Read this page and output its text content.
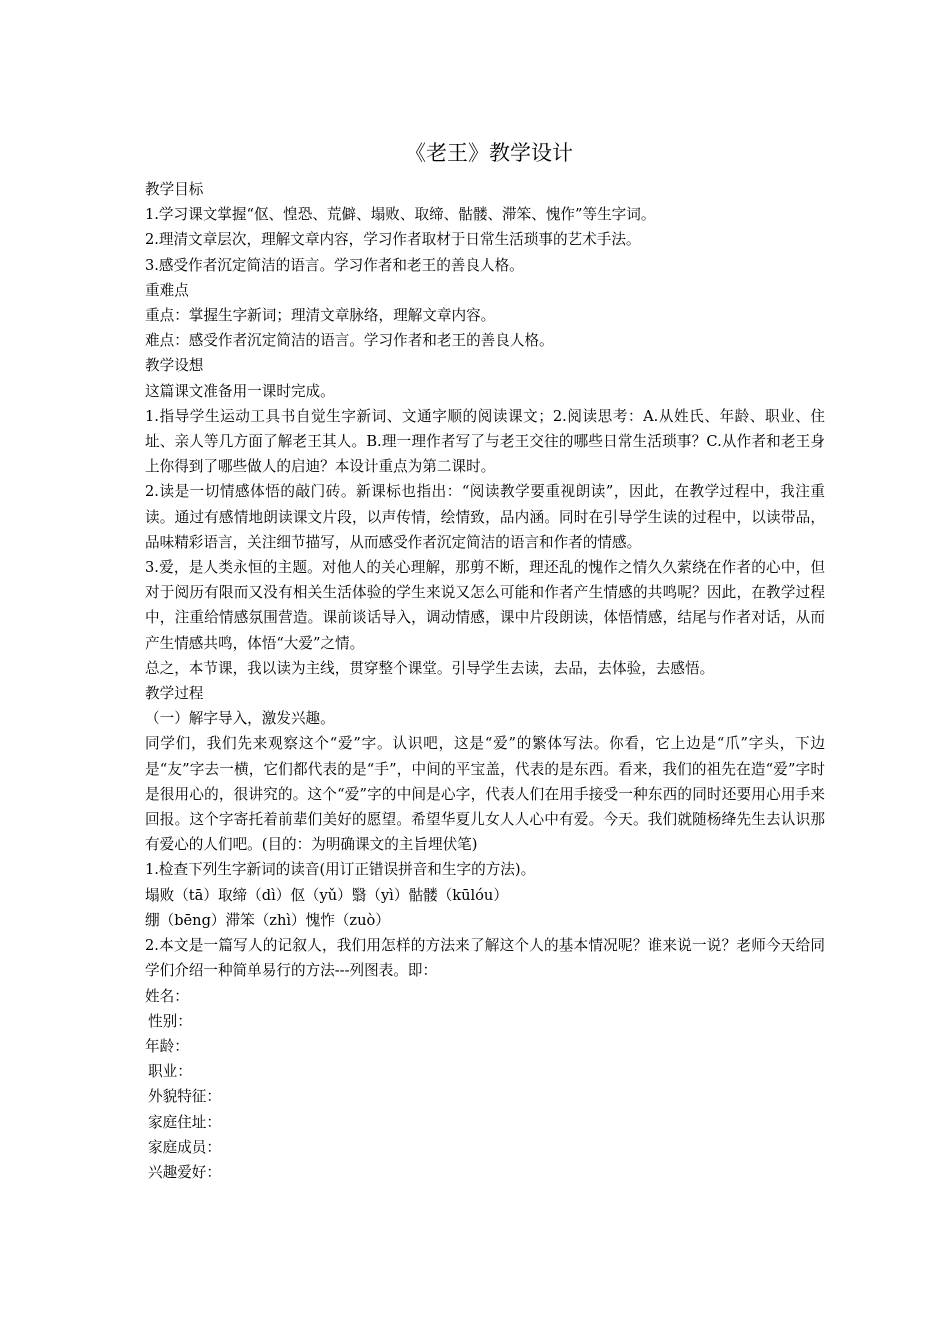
《老王》教学设计
教学目标
1.学习课文掌握“伛、惶恐、荒僻、塌败、取缔、骷髅、滞笨、愧作”等生字词。
2.理清文章层次，理解文章内容，学习作者取材于日常生活琐事的艺术手法。
3.感受作者沉定简洁的语言。学习作者和老王的善良人格。
重难点
重点：掌握生字新词；理清文章脉络，理解文章内容。
难点：感受作者沉定简洁的语言。学习作者和老王的善良人格。
教学设想
这篇课文准备用一课时完成。
1.指导学生运动工具书自觉生字新词、文通字顺的阅读课文；2.阅读思考：A.从姓氏、年龄、职业、住址、亲人等几方面了解老王其人。B.理一理作者写了与老王交往的哪些日常生活琐事？C.从作者和老王身上你得到了哪些做人的启迪？本设计重点为第二课时。
2.读是一切情感体悟的敲门砖。新课标也指出：“阅读教学要重视朗读”，因此，在教学过程中，我注重读。通过有感情地朗读课文片段，以声传情，绘情致，品内涵。同时在引导学生读的过程中，以读带品，品味精彩语言，关注细节描写，从而感受作者沉定简洁的语言和作者的情感。
3.爱，是人类永恒的主题。对他人的关心理解，那剪不断，理还乱的愧作之情久久萦绕在作者的心中，但对于阅历有限而又没有相关生活体验的学生来说又怎么可能和作者产生情感的共鸣呢？因此，在教学过程中，注重给情感氛围营造。课前谈话导入，调动情感，课中片段朗读，体悟情感，结尾与作者对话，从而产生情感共鸣，体悟“大爱”之情。
总之，本节课，我以读为主线，贯穿整个课堂。引导学生去读，去品，去体验，去感悟。
教学过程
（一）解字导入，激发兴趣。
同学们，我们先来观察这个“爱”字。认识吧，这是“爱”的繁体写法。你看，它上边是“爪”字头，下边是“友”字去一横，它们都代表的是“手”，中间的平宝盖，代表的是东西。看来，我们的祖先在造“爱”字时是很用心的，很讲究的。这个“爱”字的中间是心字，代表人们在用手接受一种东西的同时还要用心用手来回报。这个字寄托着前辈们美好的愿望。希望华夏儿女人人心中有爱。今天。我们就随杨绛先生去认识那有爱心的人们吧。(目的：为明确课文的主旨埋伏笔)
1.检查下列生字新词的读音(用订正错误拼音和生字的方法)。
塌败（tā）取缔（dì）伛（yǔ）翳（yì）骷髅（kūlóu）
绷（bēng）滞笨（zhì）愧怍（zuò）
2.本文是一篇写人的记叙人，我们用怎样的方法来了解这个人的基本情况呢？谁来说一说？老师今天给同学们介绍一种简单易行的方法---列图表。即：
姓名：
性别：
年龄：
职业：
外貌特征：
家庭住址：
家庭成员：
兴趣爱好：
